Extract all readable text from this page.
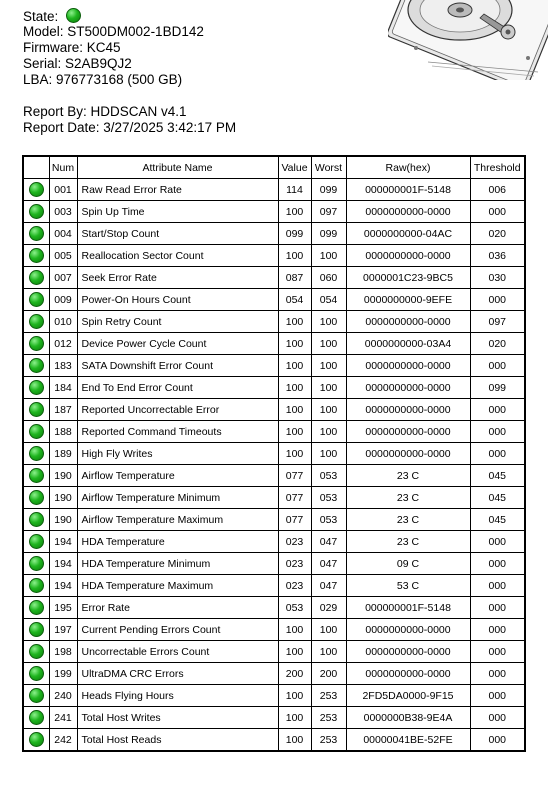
State:
Model: ST500DM002-1BD142
Firmware: KC45
Serial: S2AB9QJ2
LBA: 976773168 (500 GB)
Report By: HDDSCAN v4.1
Report Date: 3/27/2025 3:42:17 PM
	Num	Attribute Name	Value	Worst	Raw(hex)	Threshold
	001	Raw Read Error Rate	114	099	000000001F-5148	006
	003	Spin Up Time	100	097	0000000000-0000	000
	004	Start/Stop Count	099	099	0000000000-04AC	020
	005	Reallocation Sector Count	100	100	0000000000-0000	036
	007	Seek Error Rate	087	060	0000001C23-9BC5	030
	009	Power-On Hours Count	054	054	0000000000-9EFE	000
	010	Spin Retry Count	100	100	0000000000-0000	097
	012	Device Power Cycle Count	100	100	0000000000-03A4	020
	183	SATA Downshift Error Count	100	100	0000000000-0000	000
	184	End To End Error Count	100	100	0000000000-0000	099
	187	Reported Uncorrectable Error	100	100	0000000000-0000	000
	188	Reported Command Timeouts	100	100	0000000000-0000	000
	189	High Fly Writes	100	100	0000000000-0000	000
	190	Airflow Temperature	077	053	23 C	045
	190	Airflow Temperature Minimum	077	053	23 C	045
	190	Airflow Temperature Maximum	077	053	23 C	045
	194	HDA Temperature	023	047	23 C	000
	194	HDA Temperature Minimum	023	047	09 C	000
	194	HDA Temperature Maximum	023	047	53 C	000
	195	Error Rate	053	029	000000001F-5148	000
	197	Current Pending Errors Count	100	100	0000000000-0000	000
	198	Uncorrectable Errors Count	100	100	0000000000-0000	000
	199	UltraDMA CRC Errors	200	200	0000000000-0000	000
	240	Heads Flying Hours	100	253	2FD5DA0000-9F15	000
	241	Total Host Writes	100	253	0000000B38-9E4A	000
	242	Total Host Reads	100	253	00000041BE-52FE	000
